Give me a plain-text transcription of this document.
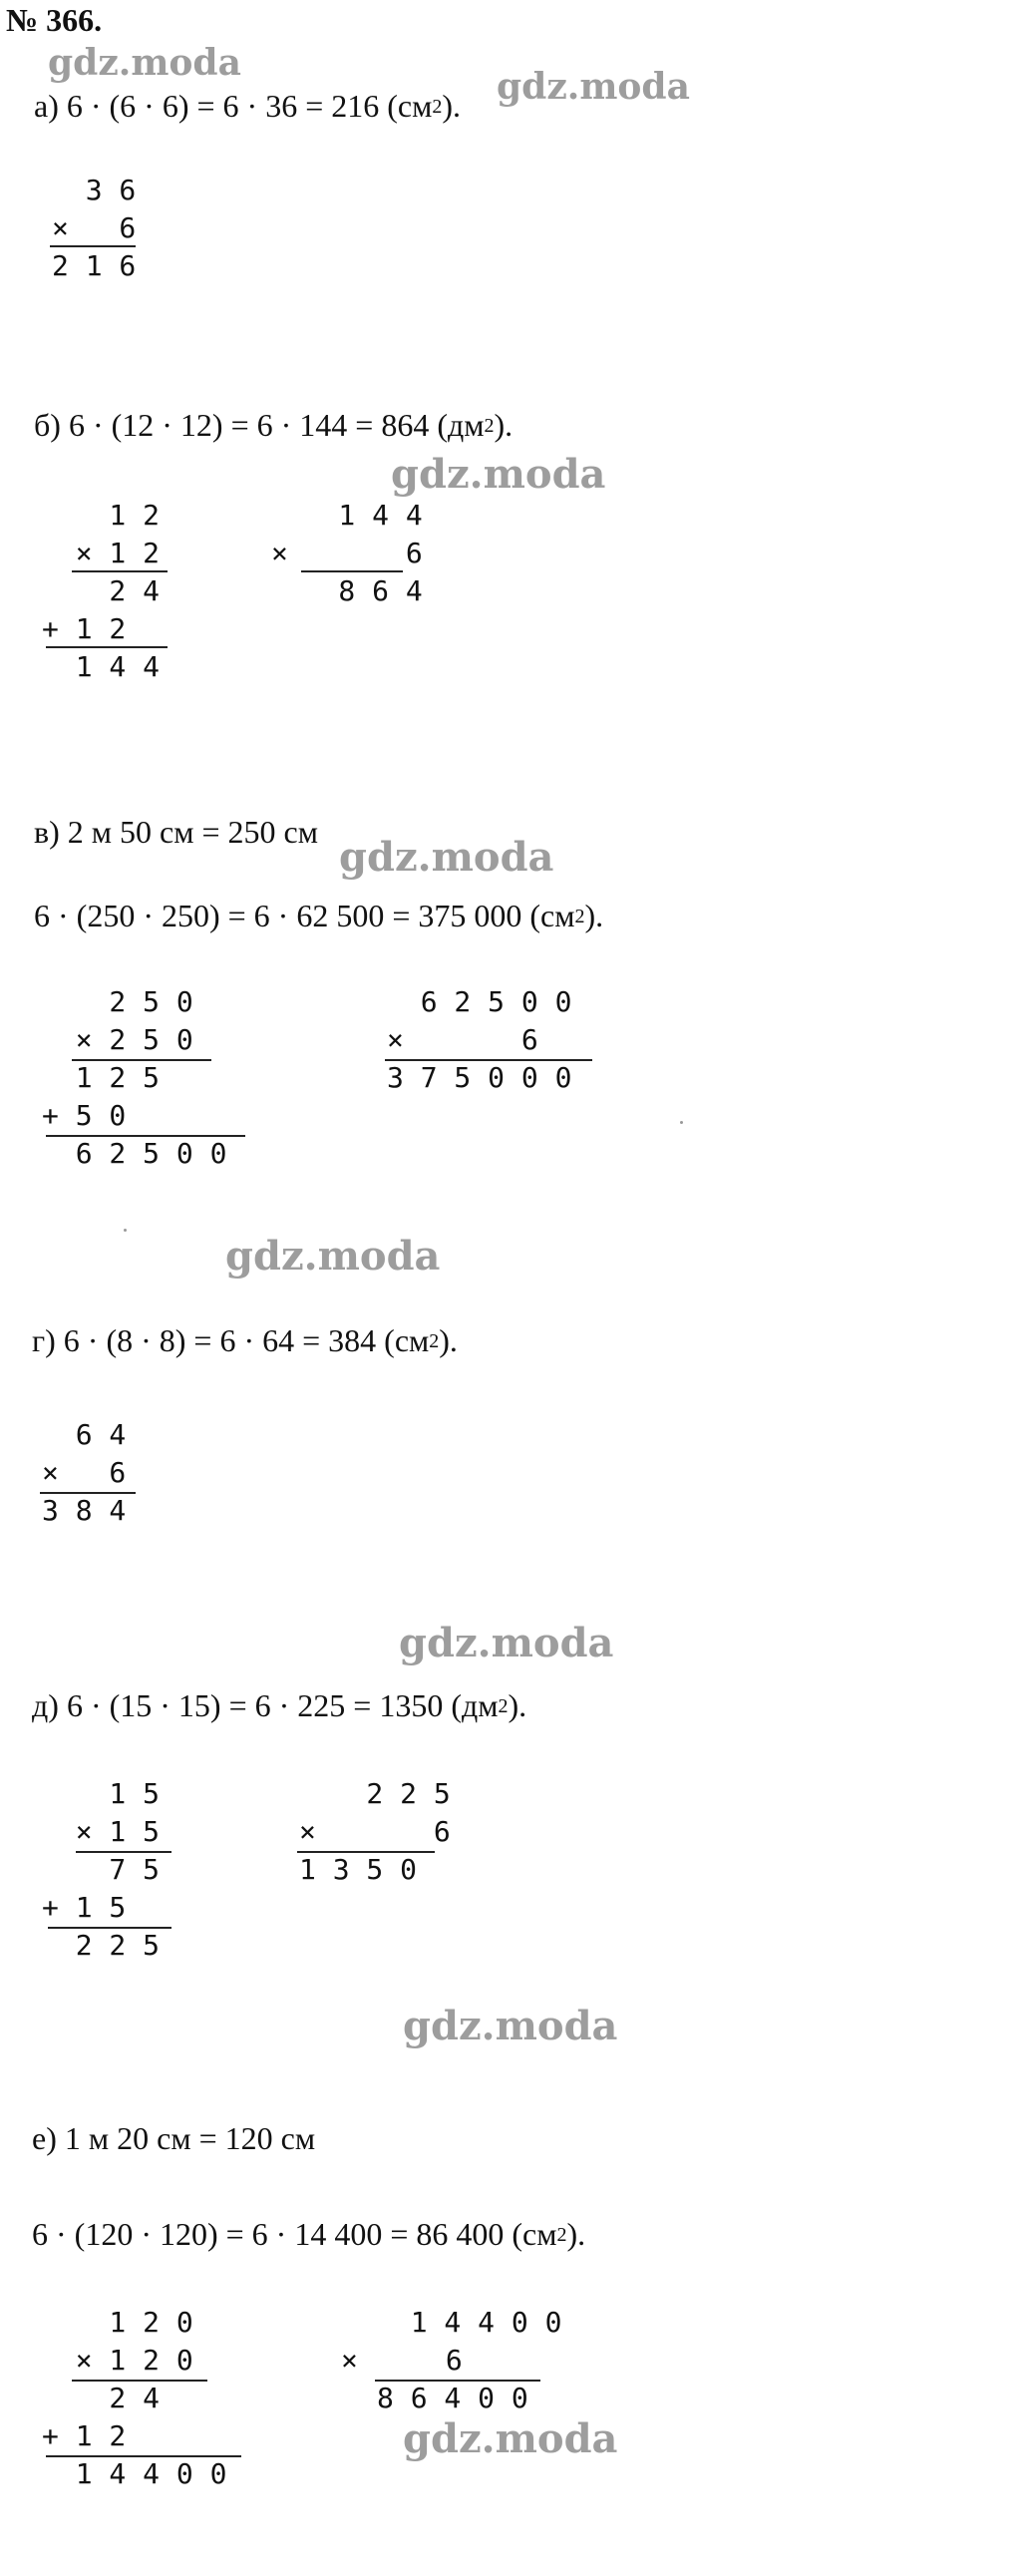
№ 366.
gdz.moda
gdz.moda
gdz.moda
gdz.moda
gdz.moda
gdz.moda
gdz.moda
gdz.moda
а) 6 · (6 · 6) = 6 · 36 = 216 $(см^2)$.
3 6
×   6
2 1 6
б) 6 · (12 · 12) = 6 · 144 = 864 $(дм^2)$.
1 2
× 1 2
2 4
+ 1 2
1 4 4
1 4 4
×       6
8 6 4
в) 2 м 50 см = 250 см
6 · (250 · 250) = 6 · 62 500 = 375 000 $(см^2)$.
2 5 0
× 2 5 0
1 2 5
+ 5 0
6 2 5 0 0
6 2 5 0 0
×       6
3 7 5 0 0 0
г) 6 · (8 · 8) = 6 · 64 = 384 $(см^2)$.
6 4
×   6
3 8 4
д) 6 · (15 · 15) = 6 · 225 = 1350 $(дм^2)$.
1 5
× 1 5
7 5
+ 1 5
2 2 5
2 2 5
×       6
1 3 5 0
е) 1 м 20 см = 120 см
6 · (120 · 120) = 6 · 14 400 = 86 400 $(см^2)$.
1 2 0
× 1 2 0
2 4
+ 1 2
1 4 4 0 0
1 4 4 0 0
×	6
8 6 4 0 0
